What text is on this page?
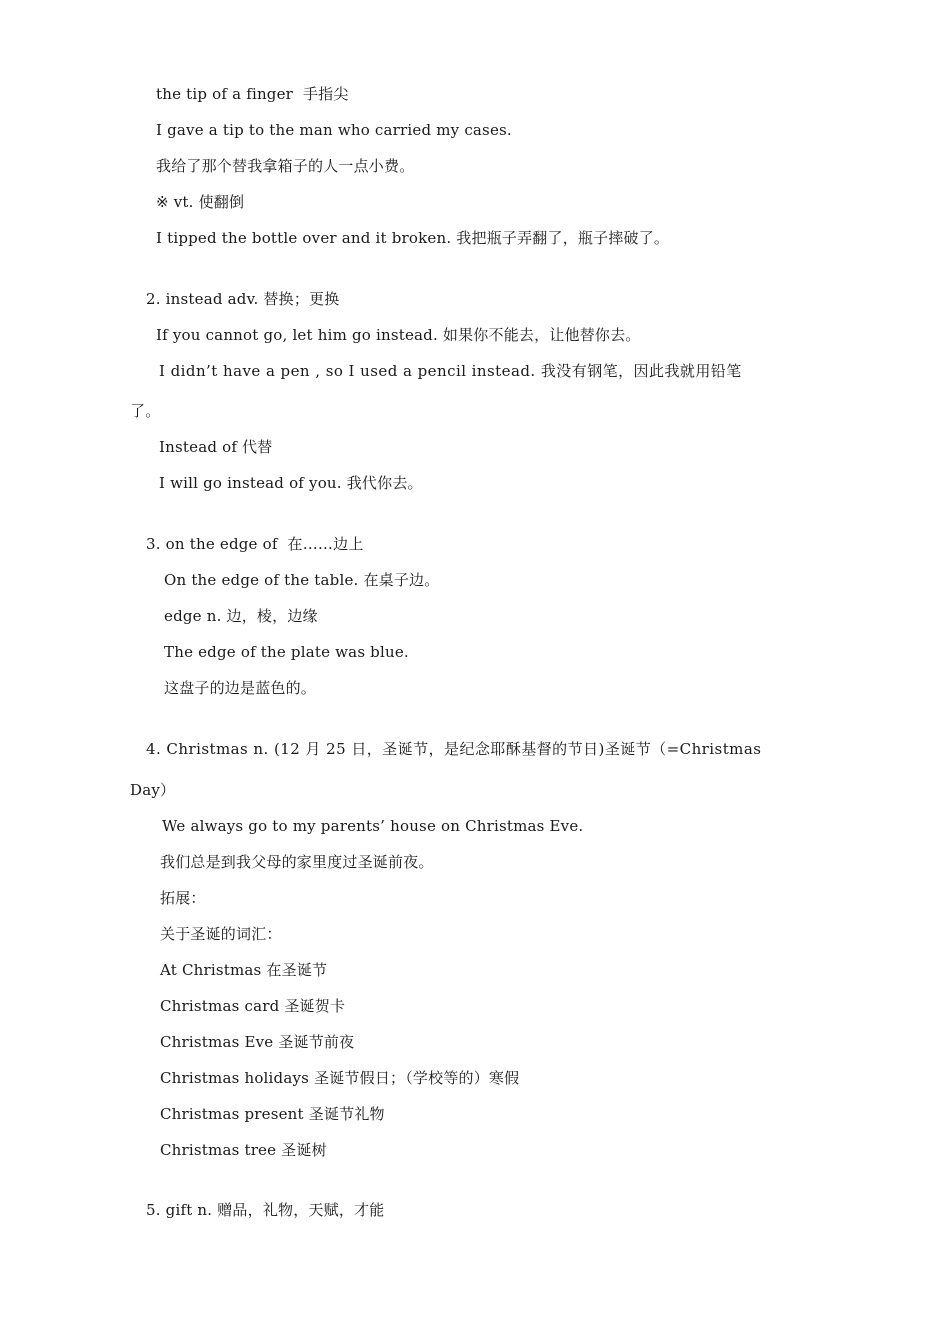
the tip of a finger  手指尖
I gave a tip to the man who carried my cases.
我给了那个替我拿箱子的人一点小费。
※ vt. 使翻倒
I tipped the bottle over and it broken. 我把瓶子弄翻了，瓶子摔破了。
2. instead adv. 替换；更换
If you cannot go, let him go instead. 如果你不能去，让他替你去。
I didn’t have a pen , so I used a pencil instead. 我没有钢笔，因此我就用铅笔
了。
Instead of 代替
I will go instead of you. 我代你去。
3. on the edge of  在……边上
On the edge of the table. 在桌子边。
edge n. 边，棱，边缘
The edge of the plate was blue.
这盘子的边是蓝色的。
4. Christmas n. (12 月 25 日，圣诞节，是纪念耶酥基督的节日)圣诞节（=Christmas
Day）
We always go to my parents’ house on Christmas Eve.
我们总是到我父母的家里度过圣诞前夜。
拓展：
关于圣诞的词汇：
At Christmas 在圣诞节
Christmas card 圣诞贺卡
Christmas Eve 圣诞节前夜
Christmas holidays 圣诞节假日；（学校等的）寒假
Christmas present 圣诞节礼物
Christmas tree 圣诞树
5. gift n. 赠品，礼物，天赋，才能
